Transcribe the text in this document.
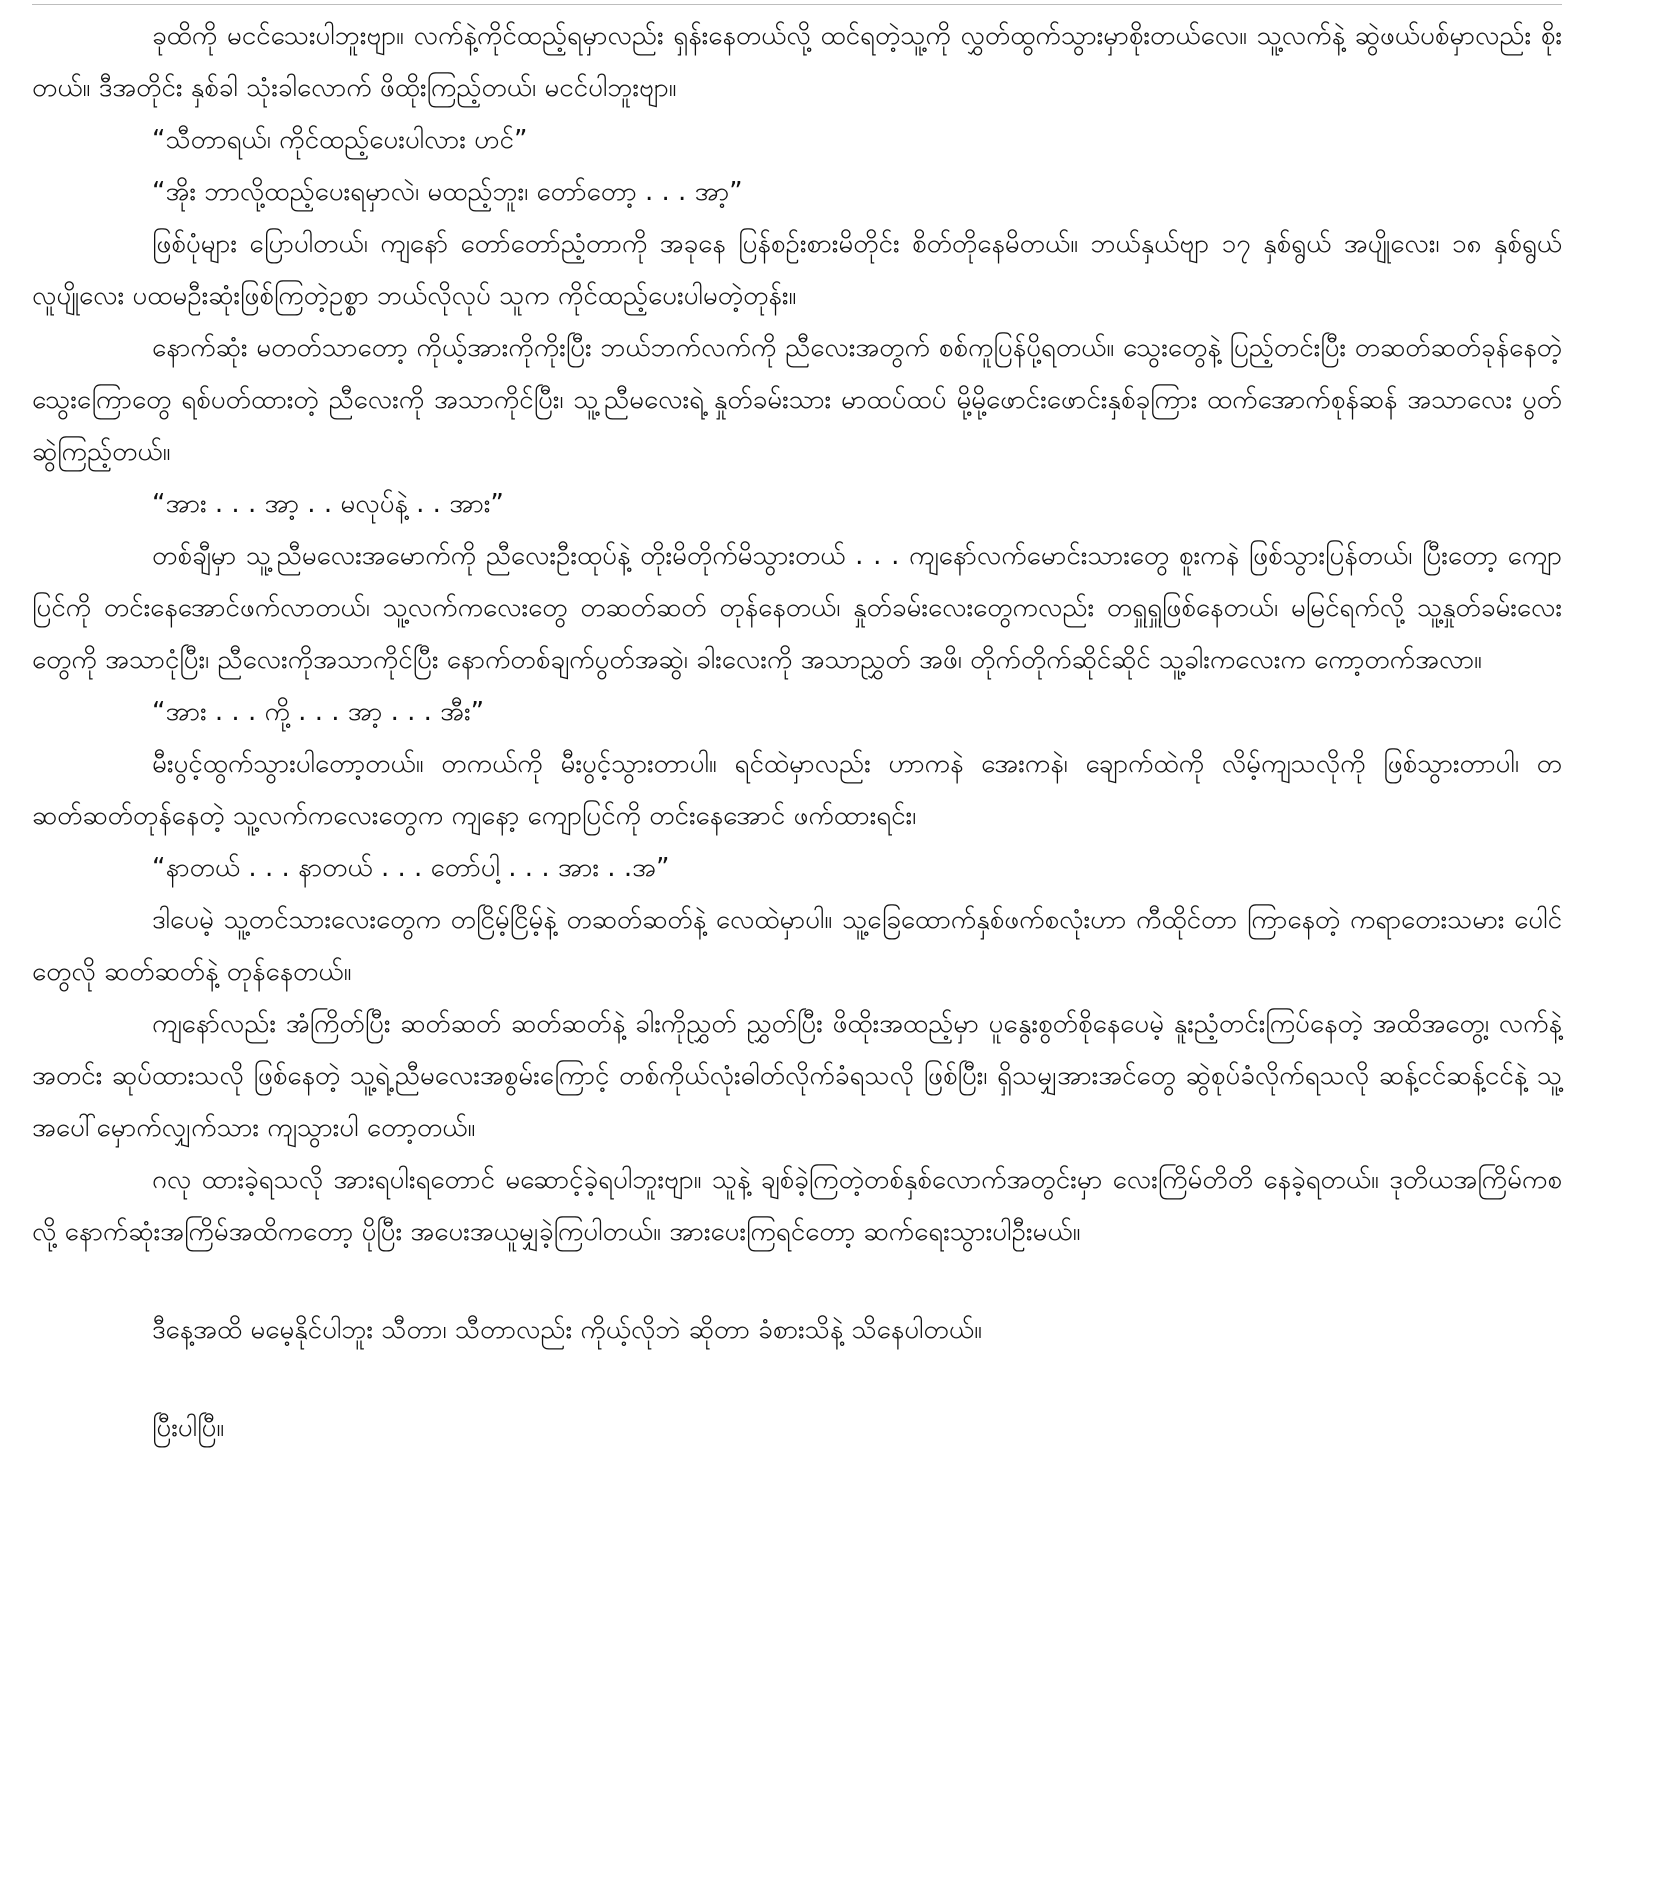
ခုထိကို မငင်သေးပါဘူးဗျာ။ လက်နဲ့ကိုင်ထည့်ရမှာလည်း ရှန်းနေတယ်လို့ ထင်ရတဲ့သူ့ကို လွှတ်ထွက်သွားမှာစိုးတယ်လေ။ သူ့လက်နဲ့ ဆွဲဖယ်ပစ်မှာလည်း စိုးတယ်။ ဒီအတိုင်း နှစ်ခါ သုံးခါလောက် ဖိထိုးကြည့်တယ်၊ မငင်ပါဘူးဗျာ။

“သီတာရယ်၊ ကိုင်ထည့်ပေးပါလား ဟင်”

“အိုး ဘာလို့ထည့်ပေးရမှာလဲ၊ မထည့်ဘူး၊ တော်တော့ . . . အာ့”

ဖြစ်ပုံများ ပြောပါတယ်၊ ကျနော် တော်တော်ညံ့တာကို အခုနေ ပြန်စဉ်းစားမိတိုင်း စိတ်တိုနေမိတယ်။ ဘယ်နှယ်ဗျာ ၁၇ နှစ်ရွယ် အပျိုလေး၊ ၁၈ နှစ်ရွယ် လူပျိုလေး ပထမဦးဆုံးဖြစ်ကြတဲ့ဥစ္စာ ဘယ်လိုလုပ် သူက ကိုင်ထည့်ပေးပါမတဲ့တုန်း။

နောက်ဆုံး မတတ်သာတော့ ကိုယ့်အားကိုကိုးပြီး ဘယ်ဘက်လက်ကို ညီလေးအတွက် စစ်ကူပြန်ပို့ရတယ်။ သွေးတွေနဲ့ ပြည့်တင်းပြီး တဆတ်ဆတ်ခုန်နေတဲ့ သွေးကြောတွေ ရစ်ပတ်ထားတဲ့ ညီလေးကို အသာကိုင်ပြီး၊ သူ့ညီမလေးရဲ့ နှုတ်ခမ်းသား မာထပ်ထပ် မို့မို့ဖောင်းဖောင်းနှစ်ခုကြား ထက်အောက်စုန်ဆန် အသာလေး ပွတ်ဆွဲကြည့်တယ်။

“အား . . . အာ့ . . မလုပ်နဲ့ . . အား”

တစ်ချီမှာ သူ့ညီမလေးအမောက်ကို ညီလေးဦးထုပ်နဲ့ တိုးမိတိုက်မိသွားတယ် . . . ကျနော်လက်မောင်းသားတွေ စူးကနဲ ဖြစ်သွားပြန်တယ်၊ ပြီးတော့ ကျောပြင်ကို တင်းနေအောင်ဖက်လာတယ်၊ သူ့လက်ကလေးတွေ တဆတ်ဆတ် တုန်နေတယ်၊ နှုတ်ခမ်းလေးတွေကလည်း တရှူရှူဖြစ်နေတယ်၊ မမြင်ရက်လို့ သူ့နှုတ်ခမ်းလေးတွေကို အသာငုံပြီး၊ ညီလေးကိုအသာကိုင်ပြီး နောက်တစ်ချက်ပွတ်အဆွဲ၊ ခါးလေးကို အသာညွှတ် အဖိ၊ တိုက်တိုက်ဆိုင်ဆိုင် သူ့ခါးကလေးက ကော့တက်အလာ။

“အား . . . ကို့ . . . အာ့ . . . အီး”

မီးပွင့်ထွက်သွားပါတော့တယ်။ တကယ်ကို မီးပွင့်သွားတာပါ။ ရင်ထဲမှာလည်း ဟာကနဲ အေးကနဲ၊ ချောက်ထဲကို လိမ့်ကျသလိုကို ဖြစ်သွားတာပါ၊ တဆတ်ဆတ်တုန်နေတဲ့ သူ့လက်ကလေးတွေက ကျနော့ ကျောပြင်ကို တင်းနေအောင် ဖက်ထားရင်း၊

“နာတယ် . . . နာတယ် . . . တော်ပါ့ . . . အား . .အ”

ဒါပေမဲ့ သူ့တင်သားလေးတွေက တငြိမ့်ငြိမ့်နဲ့ တဆတ်ဆတ်နဲ့ လေထဲမှာပါ။ သူ့ခြေထောက်နှစ်ဖက်စလုံးဟာ ကီထိုင်တာ ကြာနေတဲ့ ကရာတေးသမား ပေါင်တွေလို ဆတ်ဆတ်နဲ့ တုန်နေတယ်။

ကျနော်လည်း အံကြိတ်ပြီး ဆတ်ဆတ် ဆတ်ဆတ်နဲ့ ခါးကိုညွှတ် ညွှတ်ပြီး ဖိထိုးအထည့်မှာ ပူနွေးစွတ်စိုနေပေမဲ့ နူးညံ့တင်းကြပ်နေတဲ့ အထိအတွေ့၊ လက်နဲ့အတင်း ဆုပ်ထားသလို ဖြစ်နေတဲ့ သူ့ရဲ့ညီမလေးအစွမ်းကြောင့် တစ်ကိုယ်လုံးဓါတ်လိုက်ခံရသလို ဖြစ်ပြီး၊ ရှိသမျှအားအင်တွေ ဆွဲစုပ်ခံလိုက်ရသလို ဆန့်ငင်ဆန့်ငင်နဲ့ သူ့အပေါ်မှောက်လျှက်သား ကျသွားပါ တော့တယ်။

ဂလု ထားခဲ့ရသလို အားရပါးရတောင် မဆောင့်ခဲ့ရပါဘူးဗျာ။ သူနဲ့ ချစ်ခဲ့ကြတဲ့တစ်နှစ်လောက်အတွင်းမှာ လေးကြိမ်တိတိ နေခဲ့ရတယ်။ ဒုတိယအကြိမ်ကစလို့ နောက်ဆုံးအကြိမ်အထိကတော့ ပိုပြီး အပေးအယူမျှခဲ့ကြပါတယ်။ အားပေးကြရင်တော့ ဆက်ရေးသွားပါဦးမယ်။

ဒီနေ့အထိ မမေ့နိုင်ပါဘူး သီတာ၊ သီတာလည်း ကိုယ့်လိုဘဲ ဆိုတာ ခံစားသိနဲ့ သိနေပါတယ်။

ပြီးပါပြီ။
